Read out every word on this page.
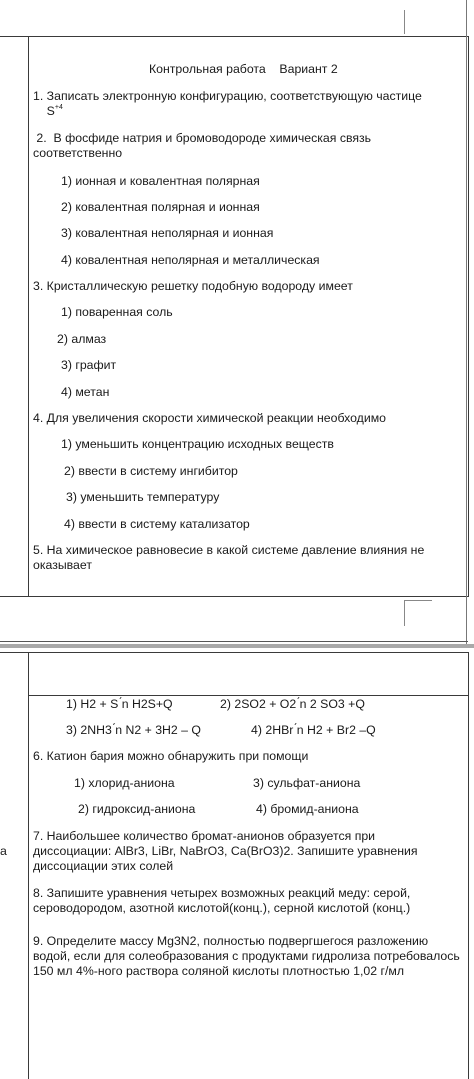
Контрольная работа    Вариант 2
1. Записать электронную конфигурацию, соответствующую частице     $S^{+4}$
2.  В фосфиде натрия и бромоводороде химическая связь соответственно
1) ионная и ковалентная полярная
2) ковалентная полярная и ионная
3) ковалентная неполярная и ионная
4) ковалентная неполярная и металлическая
3. Кристаллическую решетку подобную водороду имеет
1) поваренная соль
2) алмаз
3) графит
4) метан
4. Для увеличения скорости химической реакции необходимо
1) уменьшить концентрацию исходных веществ
2) ввести в систему ингибитор
3) уменьшить температуру
4) ввести в систему катализатор
5. На химическое равновесие в какой системе давление влияния не оказывает
1) H2 + S ́n H2S+Q	2) 2SO2 + O2 ́n 2 SO3 +Q
3) 2NH3 ́n N2 + 3H2 – Q	4) 2HBr ́n H2 + Br2 –Q
6. Катион бария можно обнаружить при помощи
1) хлорид-аниона	3) сульфат-аниона
2) гидроксид-аниона	4) бромид-аниона
7. Наибольшее количество бромат-анионов образуется при диссоциации: AlBr3, LiBr, NaBrO3, Ca(BrO3)2. Запишите уравнения диссоциации этих солей
а
8. Запишите уравнения четырех возможных реакций меду: серой, сероводородом, азотной кислотой(конц.), серной кислотой (конц.)
9. Определите массу Mg3N2, полностью подвергшегося разложению водой, если для солеобразования с продуктами гидролиза потребовалось 150 мл 4%-ного раствора соляной кислоты плотностью 1,02 г/мл
